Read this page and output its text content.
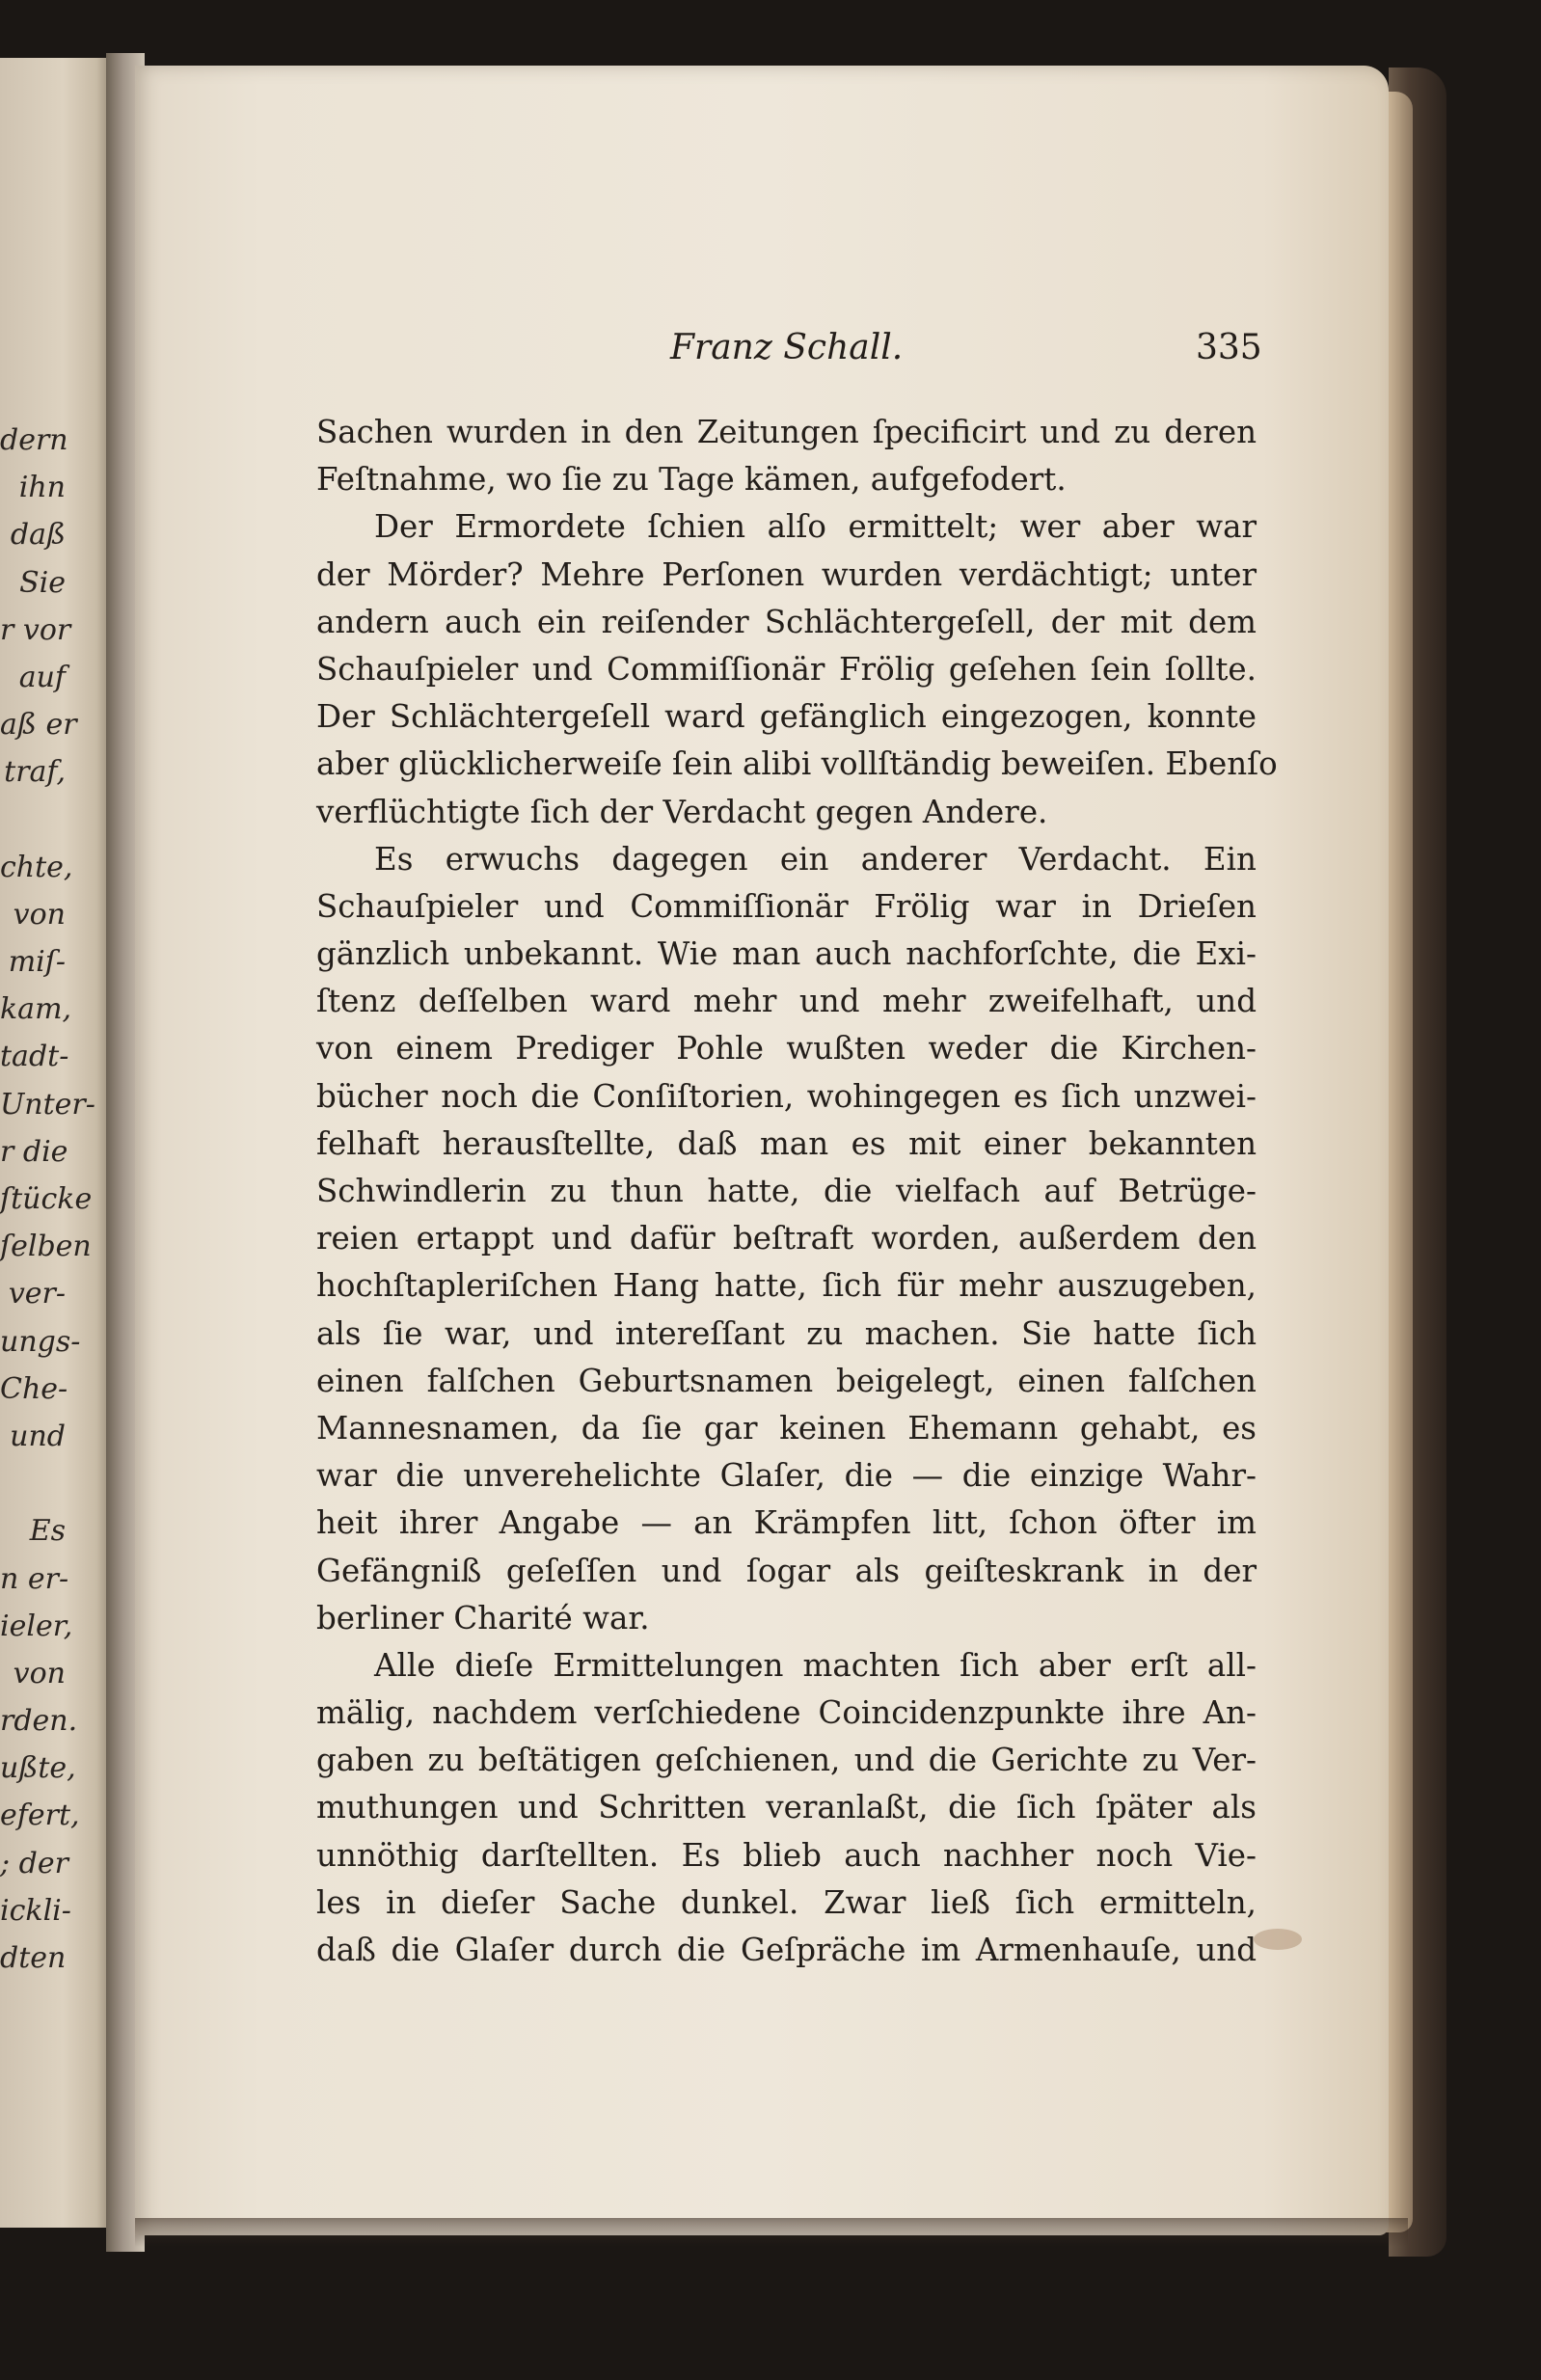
dern
ihn
daß
Sie
r vor
auf
aß er
traf,
chte,
von
miſ-
kam,
tadt-
Unter-
r die
ſtücke
ſelben
ver-
ungs-
Che-
und
Es
n er-
ieler,
von
rden.
ußte,
efert,
; der
ickli-
dten
Franz Schall.	335
Sachen wurden in den Zeitungen ſpecificirt und zu deren
Feſtnahme, wo ſie zu Tage kämen, aufgefodert.
Der Ermordete ſchien alſo ermittelt; wer aber war
der Mörder? Mehre Perſonen wurden verdächtigt; unter
andern auch ein reiſender Schlächtergeſell, der mit dem
Schauſpieler und Commiſſionär Frölig geſehen ſein ſollte.
Der Schlächtergeſell ward gefänglich eingezogen, konnte
aber glücklicherweiſe ſein alibi vollſtändig beweiſen. Ebenſo
verflüchtigte ſich der Verdacht gegen Andere.
Es erwuchs dagegen ein anderer Verdacht. Ein
Schauſpieler und Commiſſionär Frölig war in Drieſen
gänzlich unbekannt. Wie man auch nachforſchte, die Exi-
ſtenz deſſelben ward mehr und mehr zweifelhaft, und
von einem Prediger Pohle wußten weder die Kirchen-
bücher noch die Conſiſtorien, wohingegen es ſich unzwei-
felhaft herausſtellte, daß man es mit einer bekannten
Schwindlerin zu thun hatte, die vielfach auf Betrüge-
reien ertappt und dafür beſtraft worden, außerdem den
hochſtapleriſchen Hang hatte, ſich für mehr auszugeben,
als ſie war, und intereſſant zu machen. Sie hatte ſich
einen falſchen Geburtsnamen beigelegt, einen falſchen
Mannesnamen, da ſie gar keinen Ehemann gehabt, es
war die unverehelichte Glaſer, die — die einzige Wahr-
heit ihrer Angabe — an Krämpfen litt, ſchon öfter im
Gefängniß geſeſſen und ſogar als geiſteskrank in der
berliner Charité war.
Alle dieſe Ermittelungen machten ſich aber erſt all-
mälig, nachdem verſchiedene Coincidenzpunkte ihre An-
gaben zu beſtätigen geſchienen, und die Gerichte zu Ver-
muthungen und Schritten veranlaßt, die ſich ſpäter als
unnöthig darſtellten. Es blieb auch nachher noch Vie-
les in dieſer Sache dunkel. Zwar ließ ſich ermitteln,
daß die Glaſer durch die Geſpräche im Armenhauſe, und
